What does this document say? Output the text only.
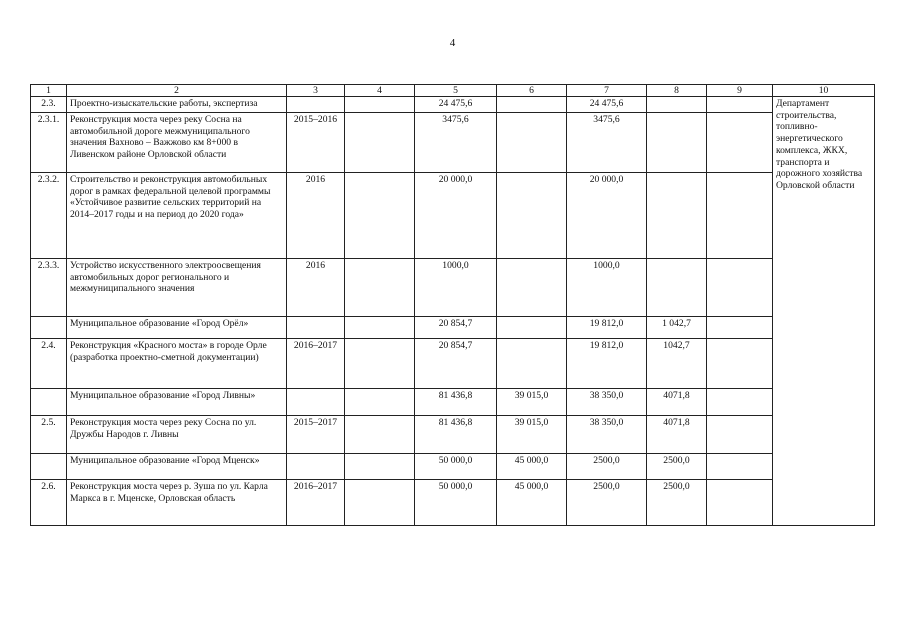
4
1	2	3	4	5	6	7	8	9	10
2.3.	Проектно-изыскательские работы, экспертиза			24 475,6		24 475,6			Департамент строительства, топливно-энергетического комплекса, ЖКХ, транспорта и дорожного хозяйства Орловской области
2.3.1.	Реконструкция моста через реку Сосна на автомобильной дороге межмуниципального значения Вахново – Важжово км 8+000 в Ливенском районе Орловской области	2015–2016		3475,6		3475,6			
2.3.2.	Строительство и реконструкция автомобильных дорог в рамках федеральной целевой программы «Устойчивое развитие сельских территорий на 2014–2017 годы и на период до 2020 года»	2016		20 000,0		20 000,0			
2.3.3.	Устройство искусственного электроосвещения автомобильных дорог регионального и межмуниципального значения	2016		1000,0		1000,0			
	Муниципальное образование «Город Орёл»			20 854,7		19 812,0	1 042,7		
2.4.	Реконструкция «Красного моста» в городе Орле (разработка проектно-сметной документации)	2016–2017		20 854,7		19 812,0	1042,7		
	Муниципальное образование «Город Ливны»			81 436,8	39 015,0	38 350,0	4071,8		
2.5.	Реконструкция моста через реку Сосна по ул. Дружбы Народов г. Ливны	2015–2017		81 436,8	39 015,0	38 350,0	4071,8		
	Муниципальное образование «Город Мценск»			50 000,0	45 000,0	2500,0	2500,0		
2.6.	Реконструкция моста через р. Зуша по ул. Карла Маркса в г. Мценске, Орловская область	2016–2017		50 000,0	45 000,0	2500,0	2500,0		
